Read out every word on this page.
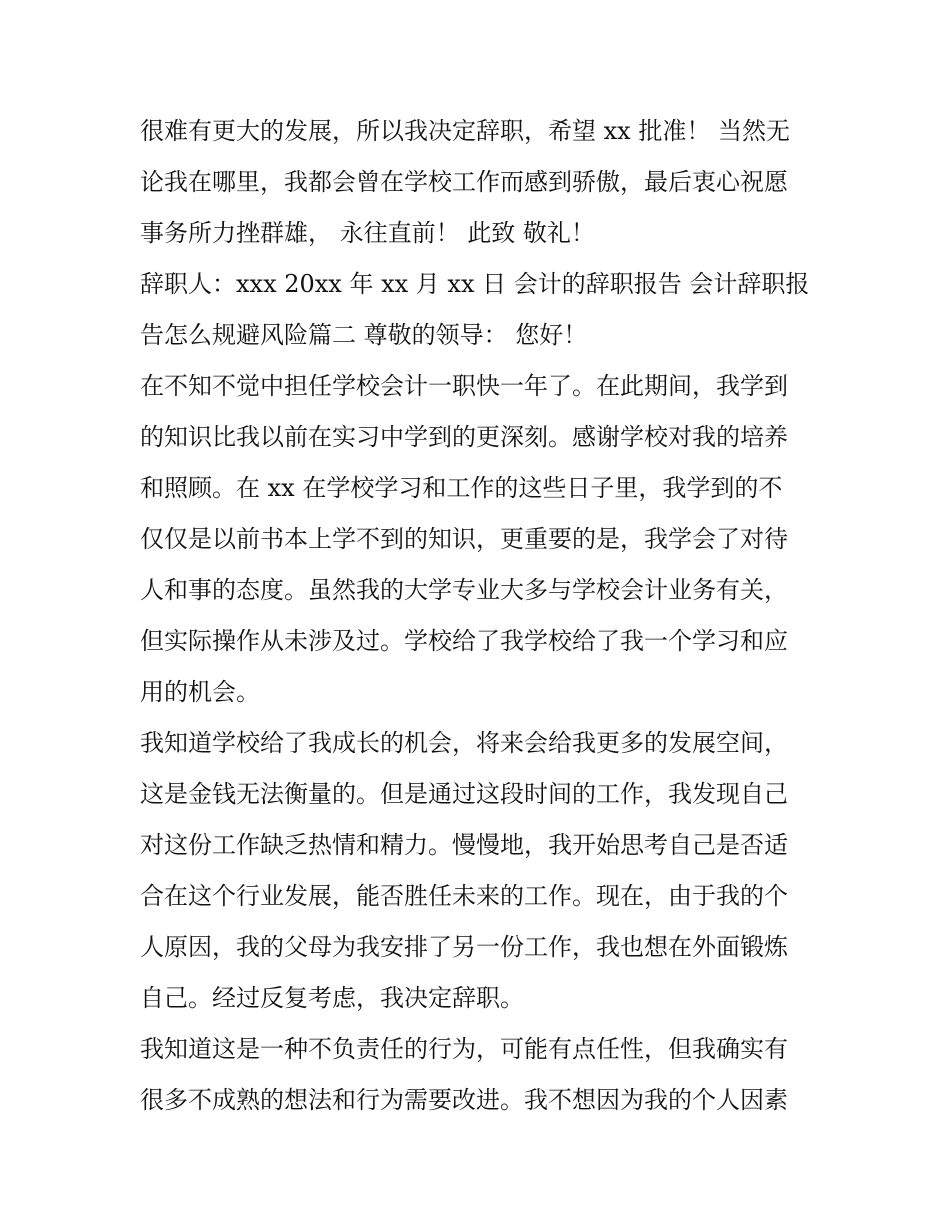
很难有更大的发展，所以我决定辞职，希望 xx 批准！ 当然无
论我在哪里，我都会曾在学校工作而感到骄傲，最后衷心祝愿
事务所力挫群雄， 永往直前！ 此致 敬礼！
辞职人：xxx 20xx 年 xx 月 xx 日 会计的辞职报告 会计辞职报
告怎么规避风险篇二 尊敬的领导： 您好！
在不知不觉中担任学校会计一职快一年了。在此期间，我学到
的知识比我以前在实习中学到的更深刻。感谢学校对我的培养
和照顾。在 xx 在学校学习和工作的这些日子里，我学到的不
仅仅是以前书本上学不到的知识，更重要的是，我学会了对待
人和事的态度。虽然我的大学专业大多与学校会计业务有关，
但实际操作从未涉及过。学校给了我学校给了我一个学习和应
用的机会。
我知道学校给了我成长的机会，将来会给我更多的发展空间，
这是金钱无法衡量的。但是通过这段时间的工作，我发现自己
对这份工作缺乏热情和精力。慢慢地，我开始思考自己是否适
合在这个行业发展，能否胜任未来的工作。现在，由于我的个
人原因，我的父母为我安排了另一份工作，我也想在外面锻炼
自己。经过反复考虑，我决定辞职。
我知道这是一种不负责任的行为，可能有点任性，但我确实有
很多不成熟的想法和行为需要改进。我不想因为我的个人因素
